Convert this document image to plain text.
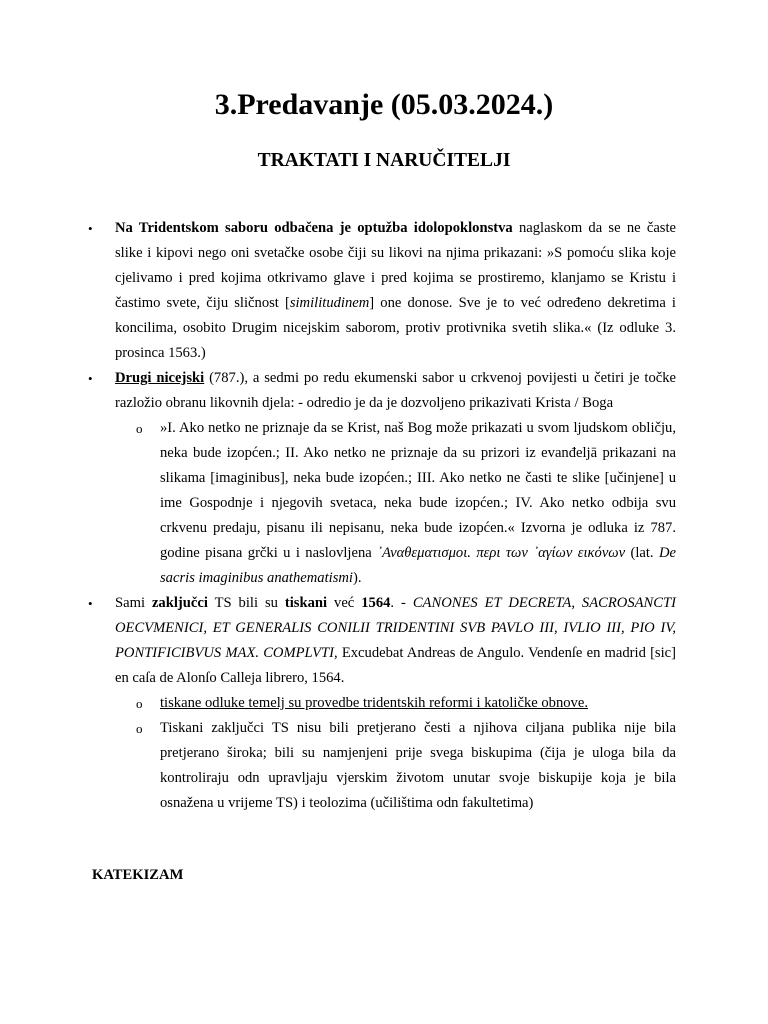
3.Predavanje (05.03.2024.)
TRAKTATI I NARUČITELJI
• Na Tridentskom saboru odbačena je optužba idolopoklonstva naglaskom da se ne časte slike i kipovi nego oni svetačke osobe čiji su likovi na njima prikazani: »S pomoću slika koje cjelivamo i pred kojima otkrivamo glave i pred kojima se prostiremo, klanjamo se Kristu i častimo svete, čiju sličnost [similitudinem] one donose. Sve je to već određeno dekretima i koncilima, osobito Drugim nicejskim saborom, protiv protivnika svetih slika.« (Iz odluke 3. prosinca 1563.)
• Drugi nicejski (787.), a sedmi po redu ekumenski sabor u crkvenoj povijesti u četiri je točke razložio obranu likovnih djela: - odredio je da je dozvoljeno prikazivati Krista / Boga
o »I. Ako netko ne priznaje da se Krist, naš Bog može prikazati u svom ljudskom obličju, neka bude izopćen.; II. Ako netko ne priznaje da su prizori iz evanđeljā prikazani na slikama [imaginibus], neka bude izopćen.; III. Ako netko ne časti te slike [učinjene] u ime Gospodnje i njegovih svetaca, neka bude izopćen.; IV. Ako netko odbija svu crkvenu predaju, pisanu ili nepisanu, neka bude izopćen.« Izvorna je odluka iz 787. godine pisana grčki u i naslovljena ᾽Αναθεματισμοι. περι των ᾽αγίων εικόνων (lat. De sacris imaginibus anathematismi).
• Sami zaključci TS bili su tiskani već 1564. - CANONES ET DECRETA, SACROSANCTI OECVMENICI, ET GENERALIS CONILII TRIDENTINI SVB PAVLO III, IVLIO III, PIO IV, PONTIFICIBVUS MAX. COMPLVTI, Excudebat Andreas de Angulo. Vendenſe en madrid [sic] en caſa de Alonſo Calleja librero, 1564.
o tiskane odluke temelj su provedbe tridentskih reformi i katoličke obnove.
o Tiskani zaključci TS nisu bili pretjerano česti a njihova ciljana publika nije bila pretjerano široka; bili su namjenjeni prije svega biskupima (čija je uloga bila da kontroliraju odn upravljaju vjerskim životom unutar svoje biskupije koja je bila osnažena u vrijeme TS) i teolozima (učilištima odn fakultetima)

KATEKIZAM
